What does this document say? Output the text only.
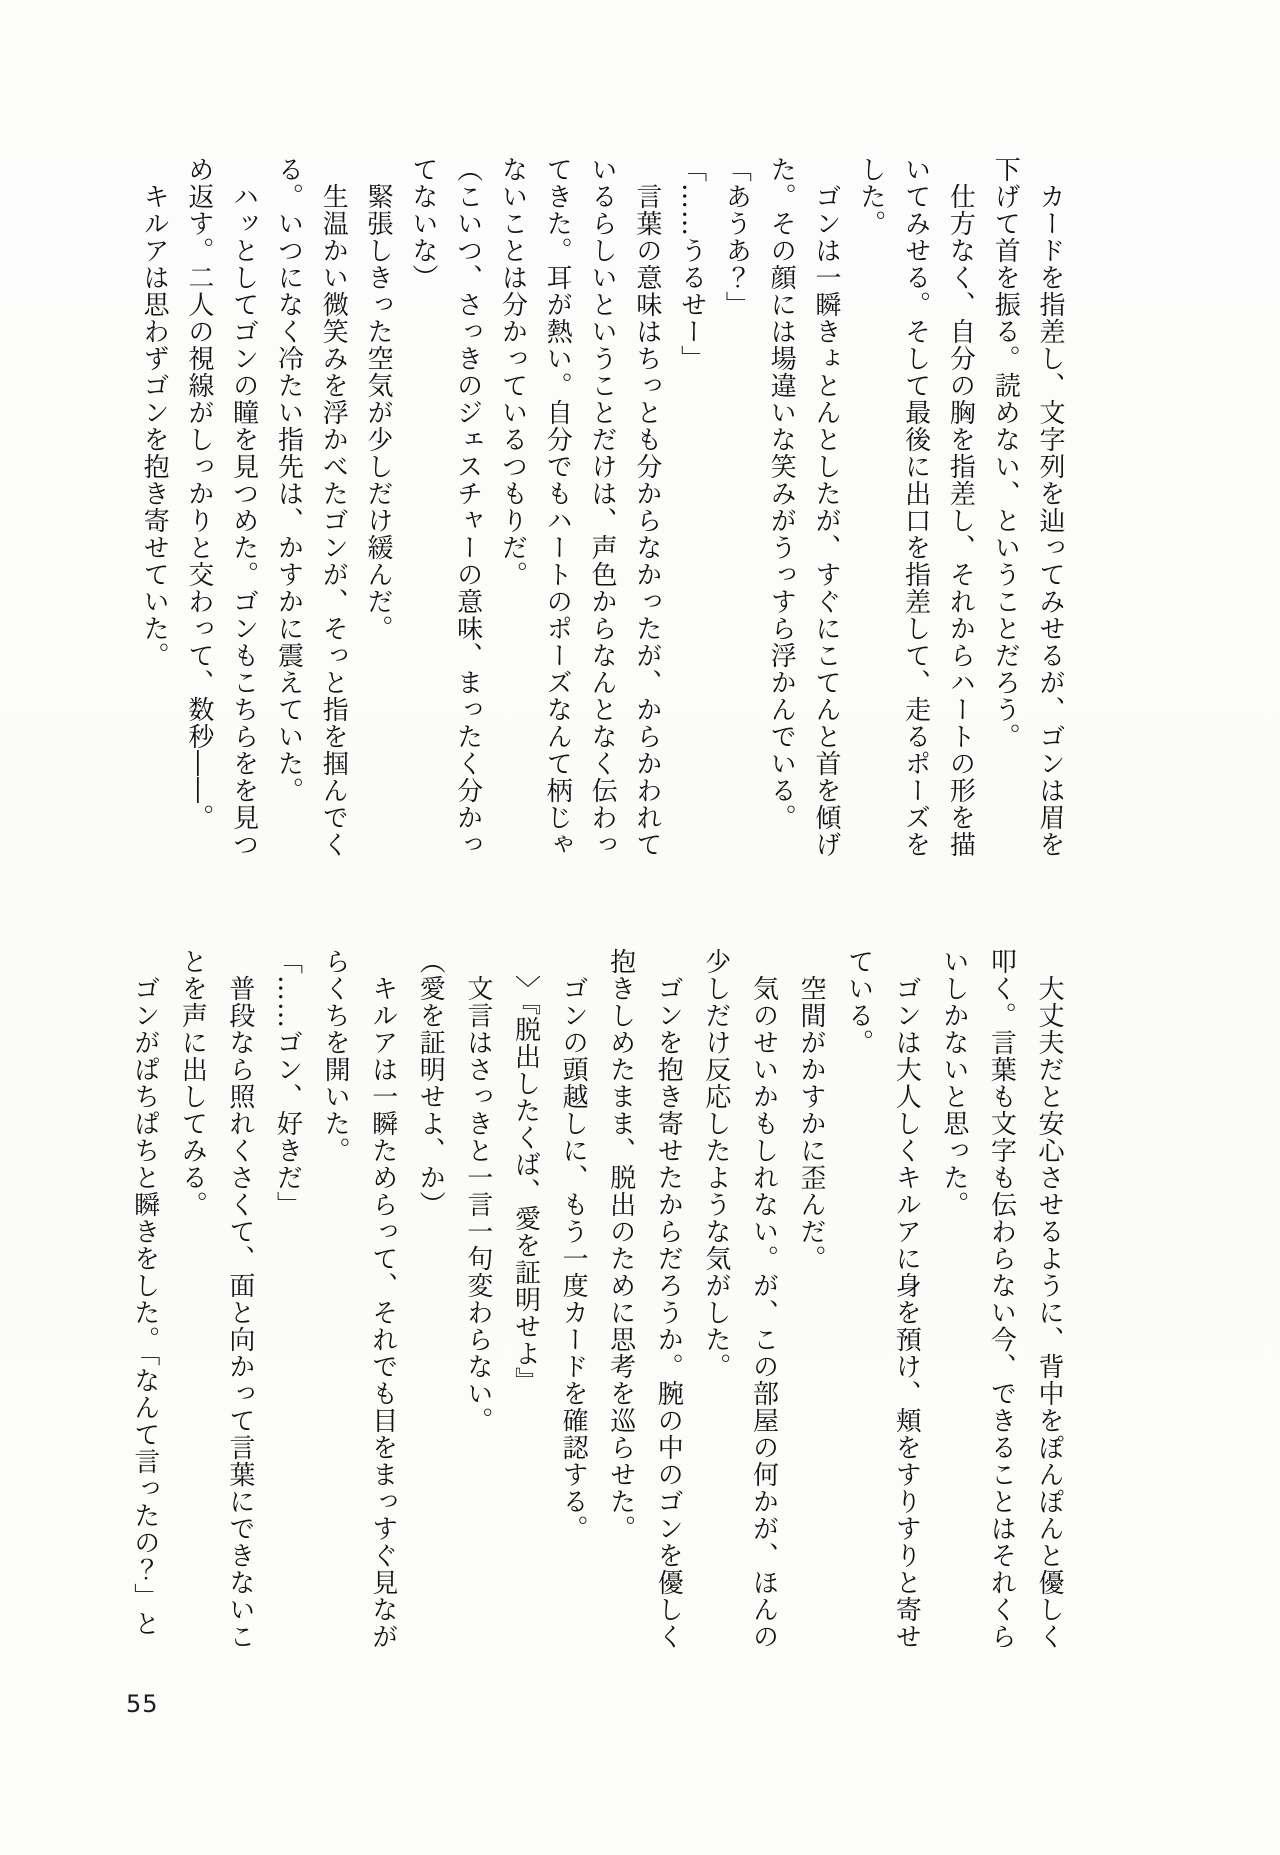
　カードを指差し、文字列を辿ってみせるが、ゴンは眉を
下げて首を振る。読めない、ということだろう。
　仕方なく、自分の胸を指差し、それからハートの形を描
いてみせる。そして最後に出口を指差して、走るポーズを
した。
　ゴンは一瞬きょとんとしたが、すぐにこてんと首を傾げ
た。その顔には場違いな笑みがうっすら浮かんでいる。
「あうあ？」
「……うるせー」
　言葉の意味はちっとも分からなかったが、からかわれて
いるらしいということだけは、声色からなんとなく伝わっ
てきた。耳が熱い。自分でもハートのポーズなんて柄じゃ
ないことは分かっているつもりだ。
（こいつ、さっきのジェスチャーの意味、まったく分かっ
てないな）
　緊張しきった空気が少しだけ緩んだ。
　生温かい微笑みを浮かべたゴンが、そっと指を掴んでく
る。いつになく冷たい指先は、かすかに震えていた。
　ハッとしてゴンの瞳を見つめた。ゴンもこちらをを見つ
め返す。二人の視線がしっかりと交わって、数秒――。
　キルアは思わずゴンを抱き寄せていた。
　大丈夫だと安心させるように、背中をぽんぽんと優しく
叩く。言葉も文字も伝わらない今、できることはそれくら
いしかないと思った。
　ゴンは大人しくキルアに身を預け、頬をすりすりと寄せ
ている。
　空間がかすかに歪んだ。
　気のせいかもしれない。が、この部屋の何かが、ほんの
少しだけ反応したような気がした。
　ゴンを抱き寄せたからだろうか。腕の中のゴンを優しく
抱きしめたまま、脱出のために思考を巡らせた。
　ゴンの頭越しに、もう一度カードを確認する。
　〉『脱出したくば、愛を証明せよ』
　文言はさっきと一言一句変わらない。
（愛を証明せよ、か）
　キルアは一瞬ためらって、それでも目をまっすぐ見なが
らくちを開いた。
「……ゴン、好きだ」
　普段なら照れくさくて、面と向かって言葉にできないこ
とを声に出してみる。
　ゴンがぱちぱちと瞬きをした。「なんて言ったの？」と
55
